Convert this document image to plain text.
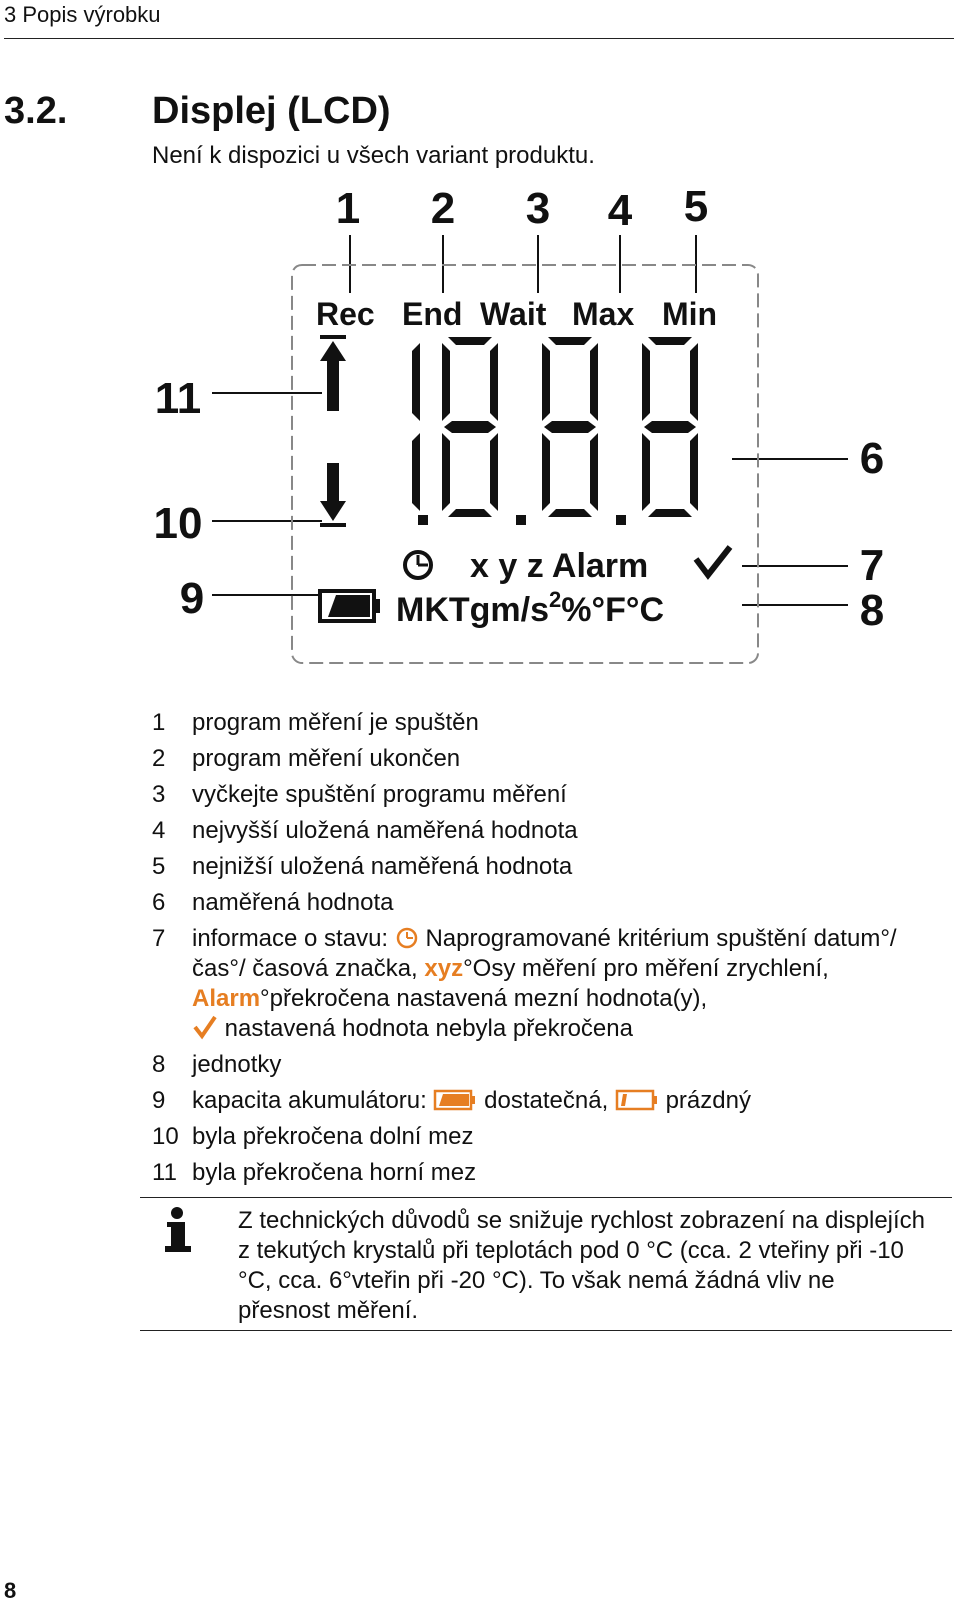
3 Popis výrobku
3.2. Displej (LCD)
Není k dispozici u všech variant produktu.
1 2 3 4 5
6
7
8
9
10
11
Rec End Wait Max Min
x y z Alarm
MKTgm/$s^2\%^\circ F^\circ C$
1	program měření je spuštěn
2	program měření ukončen
3	vyčkejte spuštění programu měření
4	nejvyšší uložená naměřená hodnota
5	nejnižší uložená naměřená hodnota
6	naměřená hodnota
7	informace o stavu: Naprogramované kritérium spuštění datum°/ čas°/ časová značka, xyz°Osy měření pro měření zrychlení, Alarm°překročena nastavená mezní hodnota(y),
nastavená hodnota nebyla překročena
8	jednotky
9	kapacita akumulátoru: dostatečná, prázdný
10 byla překročena dolní mez
11 byla překročena horní mez
Z technických důvodů se snižuje rychlost zobrazení na displejích z tekutých krystalů při teplotách pod 0 °C (cca. 2 vteřiny při -10 °C, cca. 6°vteřin při -20 °C). To však nemá žádná vliv ne přesnost měření.
8
